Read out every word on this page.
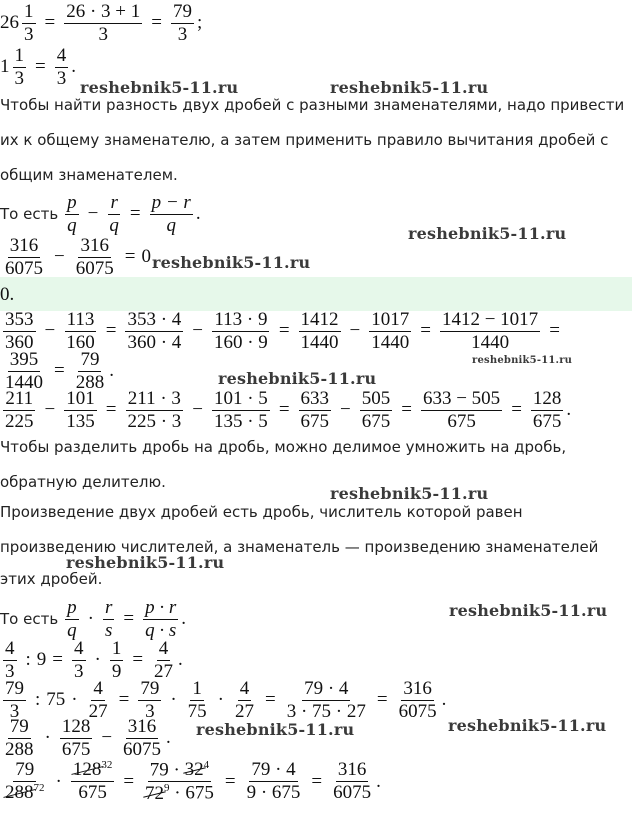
$26 \frac{1}{3} = \frac{26 \cdot 3 + 1}{3} = \frac{79}{3}$ ;
$1 \frac{1}{3} = \frac{4}{3}$ .
Чтобы найти разность двух дробей с разными знаменателями, надо привести
их к общему знаменателю, а затем применить правило вычитания дробей с
общим знаменателем.
То есть $\frac{p}{q} - \frac{r}{q} = \frac{p - r}{q}$ .
$\frac{316}{6075} - \frac{316}{6075} = 0$
0.
$\frac{353}{360} - \frac{113}{160} = \frac{353 \cdot 4}{360 \cdot 4} - \frac{113 \cdot 9}{160 \cdot 9} = \frac{1412}{1440} - \frac{1017}{1440} = \frac{1412 - 1017}{1440}$ =
$\frac{395}{1440} = \frac{79}{288}$ .
$\frac{211}{225} - \frac{101}{135} = \frac{211 \cdot 3}{225 \cdot 3} - \frac{101 \cdot 5}{135 \cdot 5} = \frac{633}{675} - \frac{505}{675} = \frac{633 - 505}{675} = \frac{128}{675}$ .
Чтобы разделить дробь на дробь, можно делимое умножить на дробь,
обратную делителю.
Произведение двух дробей есть дробь, числитель которой равен
произведению числителей, а знаменатель — произведению знаменателей
этих дробей.
То есть $\frac{p}{q} \cdot \frac{r}{s} = \frac{p \cdot r}{q \cdot s}$ .
$\frac{4}{3}$ : $9 = \frac{4}{3} \cdot \frac{1}{9} = \frac{4}{27}$ .
$\frac{79}{3}$ : $75 \cdot \frac{4}{27} = \frac{79}{3} \cdot \frac{1}{75} \cdot \frac{4}{27} = \frac{79 \cdot 4}{3 \cdot 75 \cdot 27} = \frac{316}{6075}$ .
$\frac{79}{288} \cdot \frac{128}{675} - \frac{316}{6075}$ .
$\frac{79}{288^{72}} \cdot \frac{128^{32}}{675} = \frac{79 \cdot 32^4}{72^9 \cdot 675} = \frac{79 \cdot 4}{9 \cdot 675} = \frac{316}{6075}$ .
reshebnik5-11.ru	reshebnik5-11.ru
reshebnik5-11.ru
reshebnik5-11.ru
reshebnik5-11.ru
reshebnik5-11.ru
reshebnik5-11.ru
reshebnik5-11.ru
reshebnik5-11.ru
reshebnik5-11.ru	reshebnik5-11.ru
